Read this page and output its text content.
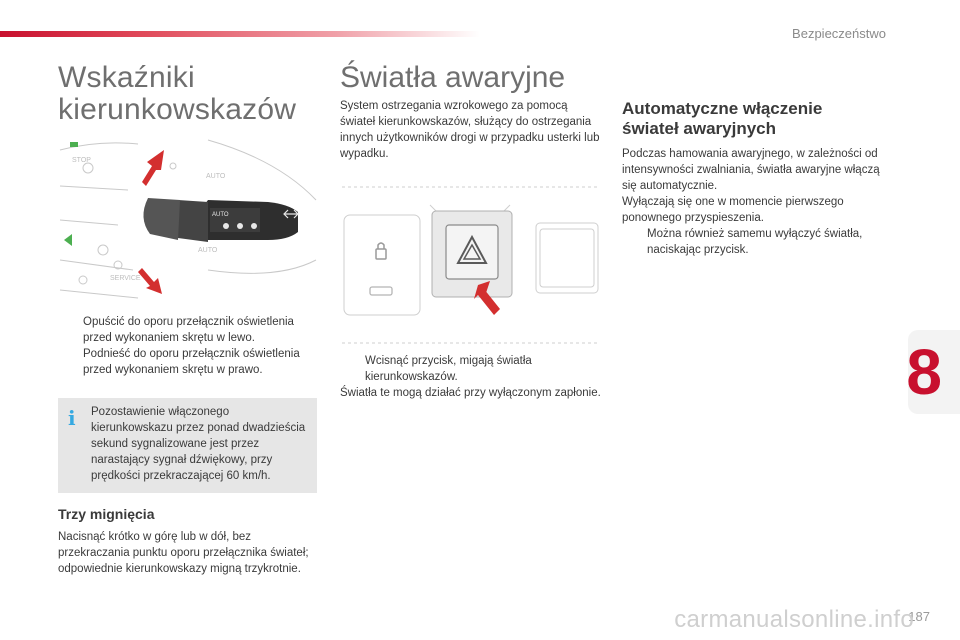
Bezpieczeństwo
8
Wskaźniki
kierunkowskazów
STOP
AUTO
AUTO
SERVICE
AUTO
Opuścić do oporu przełącznik oświetlenia przed wykonaniem skrętu w lewo.
Podnieść do oporu przełącznik oświetlenia przed wykonaniem skrętu w prawo.
i Pozostawienie włączonego kierunkowskazu przez ponad dwadzieścia sekund sygnalizowane jest przez narastający sygnał dźwiękowy, przy prędkości przekraczającej 60 km/h.
Trzy mignięcia
Nacisnąć krótko w górę lub w dół, bez przekraczania punktu oporu przełącznika świateł; odpowiednie kierunkowskazy migną trzykrotnie.
Światła awaryjne
System ostrzegania wzrokowego za pomocą świateł kierunkowskazów, służący do ostrzegania innych użytkowników drogi w przypadku usterki lub wypadku.
Wcisnąć przycisk, migają światła kierunkowskazów.
Światła te mogą działać przy wyłączonym zapłonie.
Automatyczne włączenie
świateł awaryjnych
Podczas hamowania awaryjnego, w zależności od intensywności zwalniania, światła awaryjne włączą się automatycznie.
Wyłączają się one w momencie pierwszego ponownego przyspieszenia.
Można również samemu wyłączyć światła, naciskając przycisk.
187
carmanualsonline.info
